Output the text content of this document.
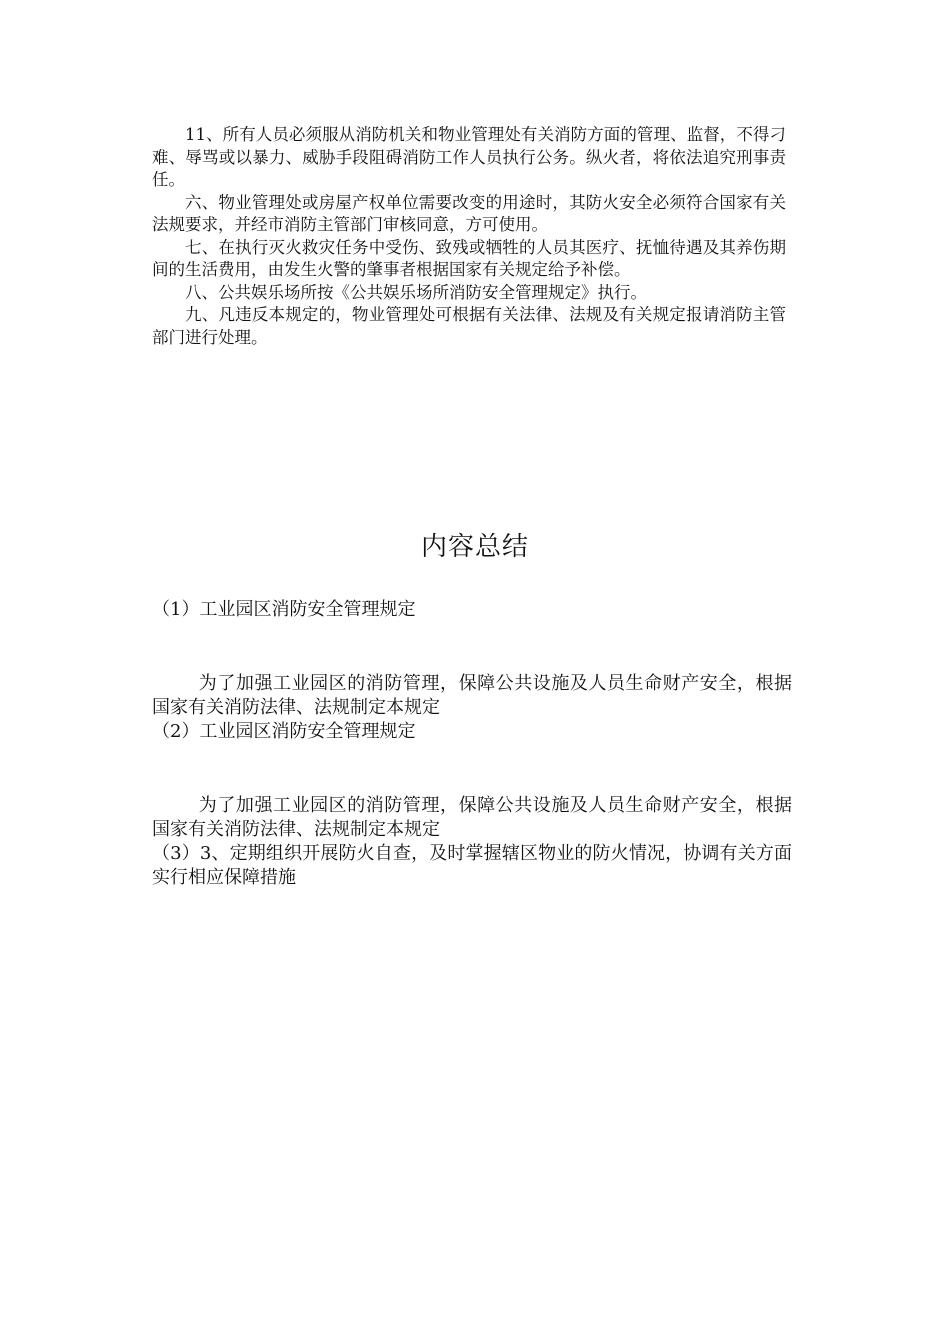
11、所有人员必须服从消防机关和物业管理处有关消防方面的管理、监督，不得刁难、辱骂或以暴力、威胁手段阻碍消防工作人员执行公务。纵火者，将依法追究刑事责任。

六、物业管理处或房屋产权单位需要改变的用途时，其防火安全必须符合国家有关法规要求，并经市消防主管部门审核同意，方可使用。

七、在执行灭火救灾任务中受伤、致残或牺牲的人员其医疗、抚恤待遇及其养伤期间的生活费用，由发生火警的肇事者根据国家有关规定给予补偿。

八、公共娱乐场所按《公共娱乐场所消防安全管理规定》执行。

九、凡违反本规定的，物业管理处可根据有关法律、法规及有关规定报请消防主管部门进行处理。

内容总结

（1）工业园区消防安全管理规定

为了加强工业园区的消防管理，保障公共设施及人员生命财产安全，根据国家有关消防法律、法规制定本规定

（2）工业园区消防安全管理规定

为了加强工业园区的消防管理，保障公共设施及人员生命财产安全，根据国家有关消防法律、法规制定本规定

（3）3、定期组织开展防火自查，及时掌握辖区物业的防火情况，协调有关方面实行相应保障措施
